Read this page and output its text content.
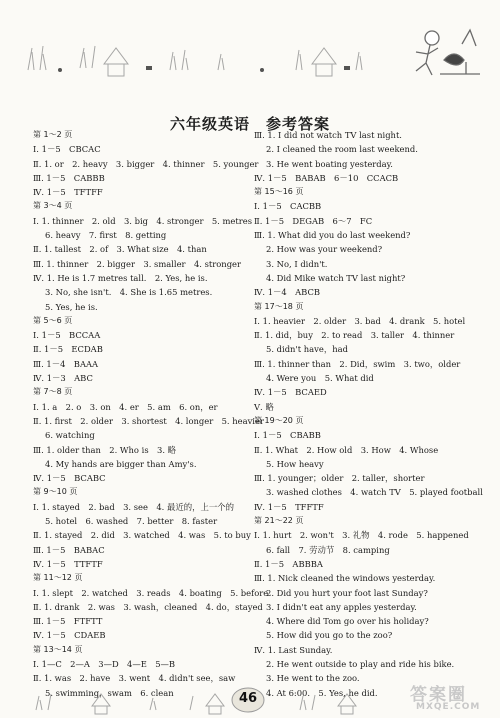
六年级英语　参考答案
第 1～2 页
Ⅰ. 1－5　CBCAC
Ⅱ. 1. or　2. heavy　3. bigger　4. thinner　5. younger
Ⅲ. 1－5　CABBB
Ⅳ. 1－5　TFTFF
第 3～4 页
Ⅰ. 1. thinner　2. old　3. big　4. stronger　5. metres
6. heavy　7. first　8. getting
Ⅱ. 1. tallest　2. of　3. What size　4. than
Ⅲ. 1. thinner　2. bigger　3. smaller　4. stronger
Ⅳ. 1. He is 1.7 metres tall.　2. Yes, he is.
3. No, she isn't.　4. She is 1.65 metres.
5. Yes, he is.
第 5～6 页
Ⅰ. 1－5　BCCAA
Ⅱ. 1－5　ECDAB
Ⅲ. 1－4　BAAA
Ⅳ. 1－3　ABC
第 7～8 页
Ⅰ. 1. a　2. o　3. on　4. er　5. am　6. on，er
Ⅱ. 1. first　2. older　3. shortest　4. longer　5. heavier
6. watching
Ⅲ. 1. older than　2. Who is　3. 略
4. My hands are bigger than Amy's.
Ⅳ. 1－5　BCABC
第 9～10 页
Ⅰ. 1. stayed　2. bad　3. see　4. 最近的，上一个的
5. hotel　6. washed　7. better　8. faster
Ⅱ. 1. stayed　2. did　3. watched　4. was　5. to buy
Ⅲ. 1－5　BABAC
Ⅳ. 1－5　TTFTF
第 11～12 页
Ⅰ. 1. slept　2. watched　3. reads　4. boating　5. before
Ⅱ. 1. drank　2. was　3. wash，cleaned　4. do，stayed
Ⅲ. 1－5　FTFTT
Ⅳ. 1－5　CDAEB
第 13～14 页
Ⅰ. 1—C　2—A　3—D　4—E　5—B
Ⅱ. 1. was　2. have　3. went　4. didn't see，saw
5. swimming，swam　6. clean
Ⅲ. 1. I did not watch TV last night.
2. I cleaned the room last weekend.
3. He went boating yesterday.
Ⅳ. 1－5　BABAB　6－10　CCACB
第 15～16 页
Ⅰ. 1－5　CACBB
Ⅱ. 1－5　DEGAB　6～7　FC
Ⅲ. 1. What did you do last weekend?
2. How was your weekend?
3. No, I didn't.
4. Did Mike watch TV last night?
Ⅳ. 1－4　ABCB
第 17～18 页
Ⅰ. 1. heavier　2. older　3. bad　4. drank　5. hotel
Ⅱ. 1. did，buy　2. to read　3. taller　4. thinner
5. didn't have，had
Ⅲ. 1. thinner than　2. Did，swim　3. two，older
4. Were you　5. What did
Ⅳ. 1－5　BCAED
Ⅴ. 略
第 19～20 页
Ⅰ. 1－5　CBABB
Ⅱ. 1. What　2. How old　3. How　4. Whose
5. How heavy
Ⅲ. 1. younger；older　2. taller，shorter
3. washed clothes　4. watch TV　5. played football
Ⅳ. 1－5　TFFTF
第 21～22 页
Ⅰ. 1. hurt　2. won't　3. 礼物　4. rode　5. happened
6. fall　7. 劳动节　8. camping
Ⅱ. 1－5　ABBBA
Ⅲ. 1. Nick cleaned the windows yesterday.
2. Did you hurt your foot last Sunday?
3. I didn't eat any apples yesterday.
4. Where did Tom go over his holiday?
5. How did you go to the zoo?
Ⅳ. 1. Last Sunday.
2. He went outside to play and ride his bike.
3. He went to the zoo.
4. At 6:00.　5. Yes, he did.
46	答案圈
MXQE.COM
